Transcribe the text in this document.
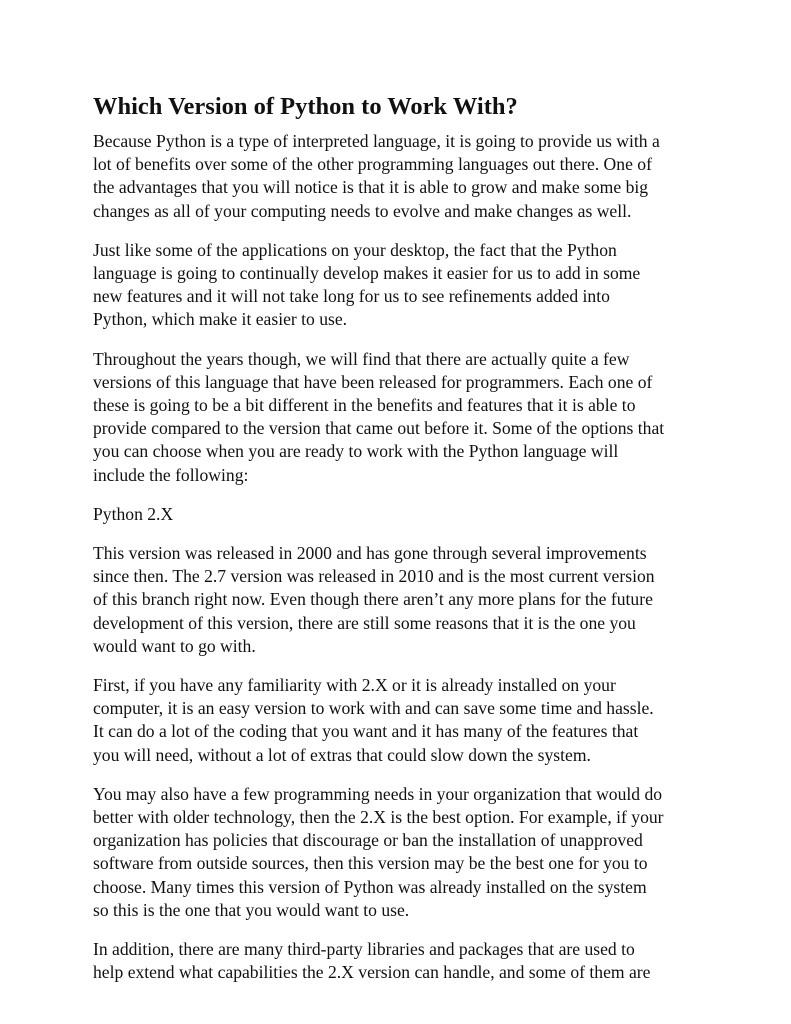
Which Version of Python to Work With?

Because Python is a type of interpreted language, it is going to provide us with a
lot of benefits over some of the other programming languages out there. One of
the advantages that you will notice is that it is able to grow and make some big
changes as all of your computing needs to evolve and make changes as well.

Just like some of the applications on your desktop, the fact that the Python
language is going to continually develop makes it easier for us to add in some
new features and it will not take long for us to see refinements added into
Python, which make it easier to use.

Throughout the years though, we will find that there are actually quite a few
versions of this language that have been released for programmers. Each one of
these is going to be a bit different in the benefits and features that it is able to
provide compared to the version that came out before it. Some of the options that
you can choose when you are ready to work with the Python language will
include the following:

Python 2.X

This version was released in 2000 and has gone through several improvements
since then. The 2.7 version was released in 2010 and is the most current version
of this branch right now. Even though there aren’t any more plans for the future
development of this version, there are still some reasons that it is the one you
would want to go with.

First, if you have any familiarity with 2.X or it is already installed on your
computer, it is an easy version to work with and can save some time and hassle.
It can do a lot of the coding that you want and it has many of the features that
you will need, without a lot of extras that could slow down the system.

You may also have a few programming needs in your organization that would do
better with older technology, then the 2.X is the best option. For example, if your
organization has policies that discourage or ban the installation of unapproved
software from outside sources, then this version may be the best one for you to
choose. Many times this version of Python was already installed on the system
so this is the one that you would want to use.

In addition, there are many third-party libraries and packages that are used to
help extend what capabilities the 2.X version can handle, and some of them are
